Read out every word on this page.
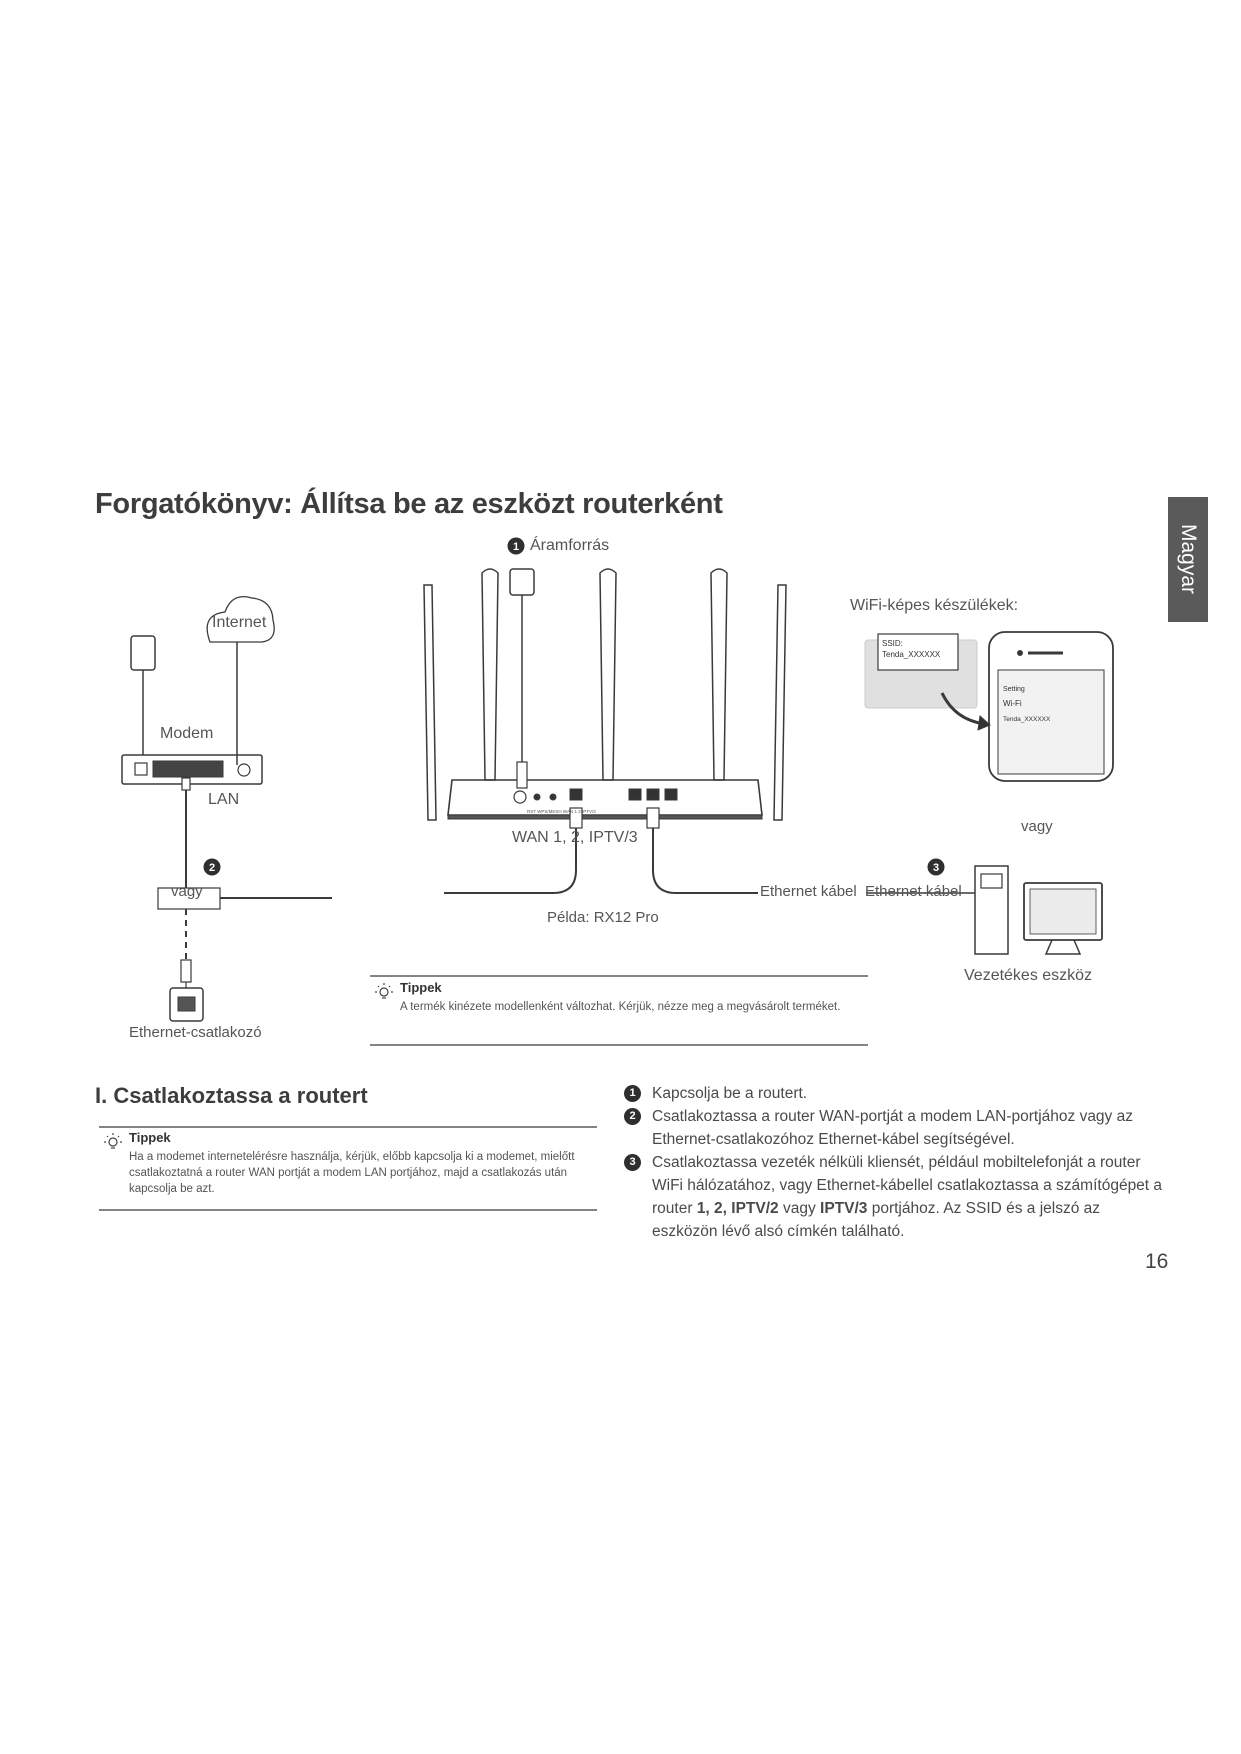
Forgatókönyv: Állítsa be az eszközt routerként
Magyar
1
2	3
SSID:
Tenda_XXXXXX
Setting
Wi-Fi
Tenda_XXXXXX
RST WPS/MESH WAN 1 2 IPTV/3
Áramforrás
Internet
Modem
LAN
vagy
Ethernet-csatlakozó
WAN 1, 2, IPTV/3
Példa: RX12 Pro
Ethernet kábel Ethernet kábel
WiFi-képes készülékek:
vagy
Vezetékes eszköz
Tippek
A termék kinézete modellenként változhat. Kérjük, nézze meg a megvásárolt terméket.
I. Csatlakoztassa a routert
Tippek
Ha a modemet internetelérésre használja, kérjük, előbb kapcsolja ki a modemet, mielőtt csatlakoztatná a router WAN portját a modem LAN portjához, majd a csatlakozás után kapcsolja be azt.
1	Kapcsolja be a routert.
2	Csatlakoztassa a router WAN-portját a modem LAN-portjához vagy az Ethernet-csatlakozóhoz Ethernet-kábel segítségével.
3	Csatlakoztassa vezeték nélküli kliensét, például mobiltelefonját a router WiFi hálózatához, vagy Ethernet-kábellel csatlakoztassa a számítógépet a router 1, 2, IPTV/2 vagy IPTV/3 portjához. Az SSID és a jelszó az eszközön lévő alsó címkén található.
16
